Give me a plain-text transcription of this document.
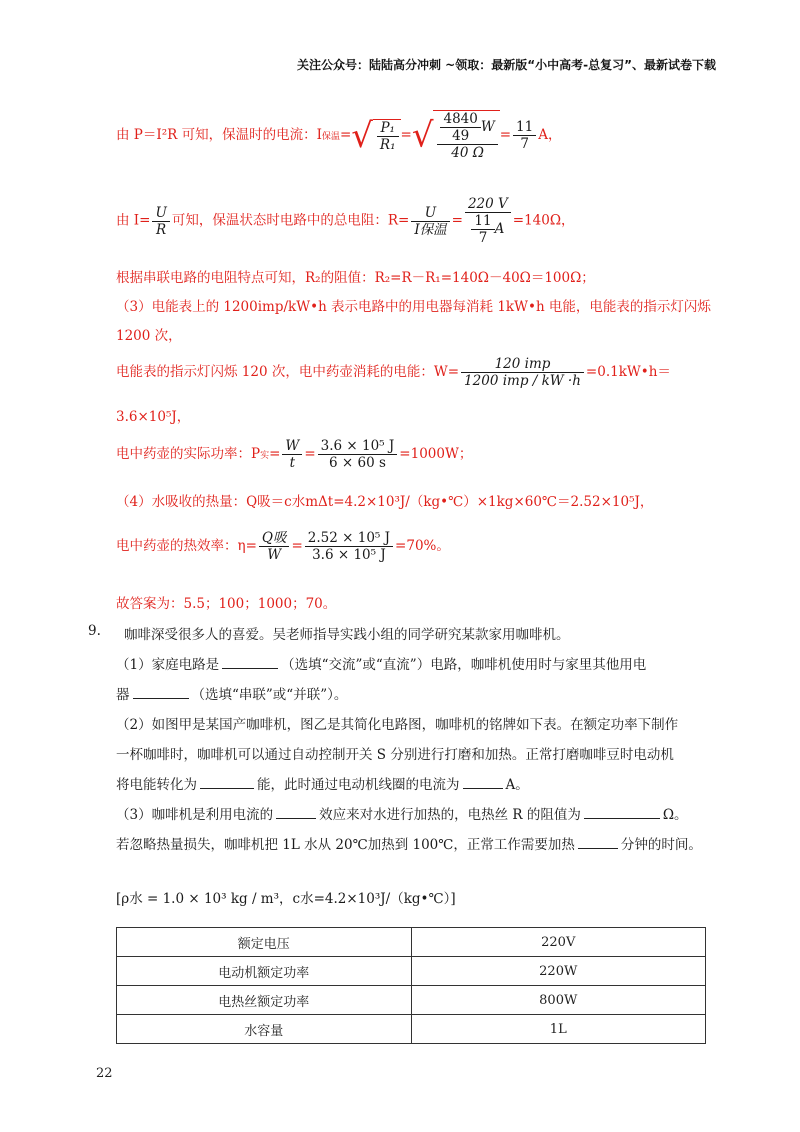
关注公众号：陆陆高分冲刺 ~领取：最新版“小中高考-总复习”、最新试卷下载
由 P＝I²R 可知，保温时的电流：I保温=√ $\frac{\text{P₁}}{\text{R₁}}$ =√ $\frac{\frac{4840}{49} W}{40 \Omega} = \frac{11}{7}$ A，
由 $I= \frac{U}{R}$ 可知，保温状态时电路中的总电阻：$R= \frac{U}{\text{I保温}} = \frac{220 V}{\frac{11}{7} A} =140\Omega$，
根据串联电路的电阻特点可知，R₂的阻值：R₂=R－R₁=140Ω－40Ω＝100Ω；
（3）电能表上的 1200imp/kW•h 表示电路中的用电器每消耗 1kW•h 电能，电能表的指示灯闪烁
1200 次，
电能表的指示灯闪烁 120 次，电中药壶消耗的电能：$W= \frac{\text{120 imp}}{\text{1200 imp / kW ·h}}$ =0.1kW•h＝
3.6×10⁵J，
电中药壶的实际功率：P实= $\frac{W}{t} = \frac{\text{3.6 × 10⁵ J}}{6 \times 60 s} =1000W$；
（4）水吸收的热量：Q吸＝c水mΔt=4.2×10³J/（kg•℃）×1kg×60℃＝2.52×10⁵J，
电中药壶的热效率：$\eta= \frac{\text{Q吸}}{W} = \frac{\text{2.52 × 10⁵ J}}{\text{3.6 × 10⁵ J}} =70\%$。
故答案为：5.5；100；1000；70。
9. 咖啡深受很多人的喜爱。吴老师指导实践小组的同学研究某款家用咖啡机。
（1）家庭电路是	（选填“交流”或“直流”）电路，咖啡机使用时与家里其他用电
器	（选填“串联”或“并联”）。
（2）如图甲是某国产咖啡机，图乙是其简化电路图，咖啡机的铭牌如下表。在额定功率下制作
一杯咖啡时，咖啡机可以通过自动控制开关 S 分别进行打磨和加热。正常打磨咖啡豆时电动机
将电能转化为	能，此时通过电动机线圈的电流为	A。
（3）咖啡机是利用电流的	效应来对水进行加热的，电热丝 R 的阻值为	Ω。
若忽略热量损失，咖啡机把 1L 水从 20℃加热到 100℃，正常工作需要加热	分钟的时间。
[ρ水 = 1.0 × 10³ kg / m³，c水=4.2×10³J/（kg•℃）]
额定电压	220V
电动机额定功率	220W
电热丝额定功率	800W
水容量	1L
22
